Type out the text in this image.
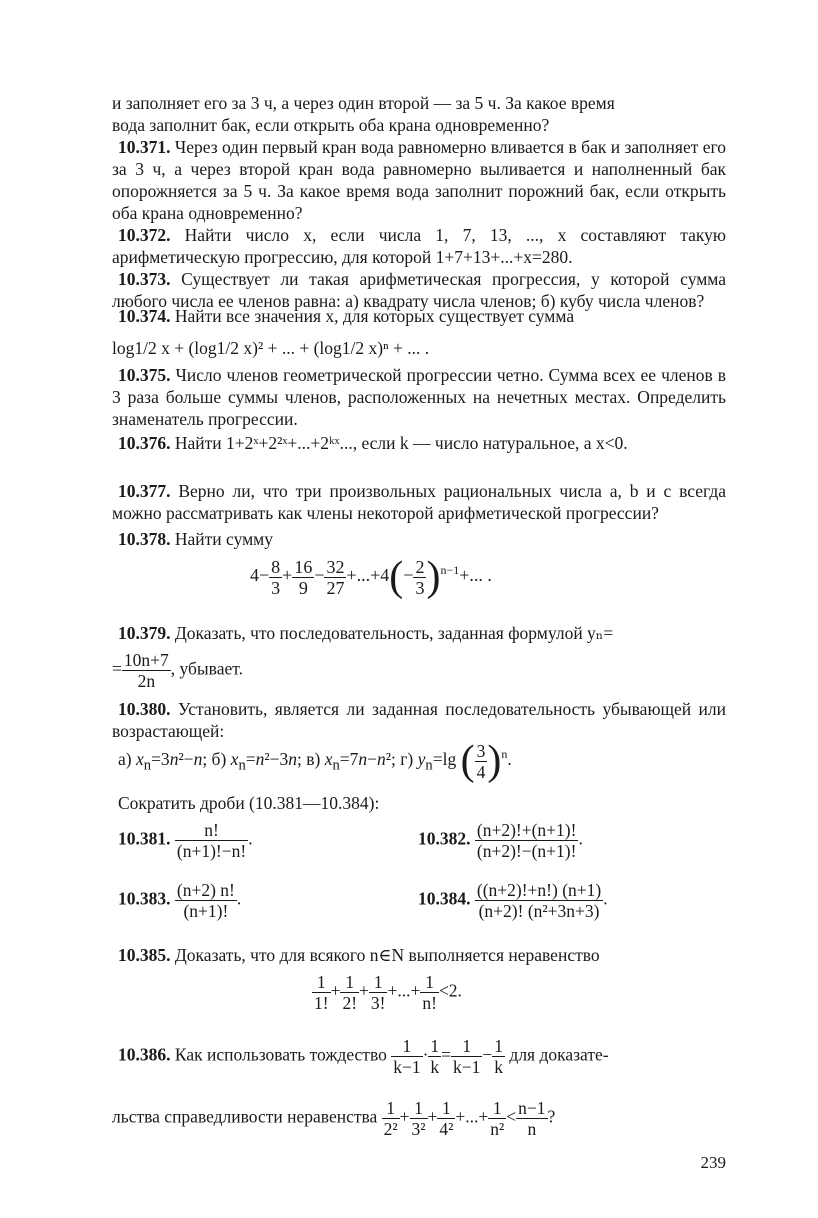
и заполняет его за 3 ч, а через один второй — за 5 ч. За какое время

вода заполнит бак, если открыть оба крана одновременно?

10.371. Через один первый кран вода равномерно вливается в бак и заполняет его за 3 ч, а через второй кран вода равномерно выливается и наполненный бак опорожняется за 5 ч. За какое время вода заполнит порожний бак, если открыть оба крана одновременно?

10.372. Найти число x, если числа 1, 7, 13, ..., x составляют такую арифметическую прогрессию, для которой 1+7+13+...+x=280.

10.373. Существует ли такая арифметическая прогрессия, у которой сумма любого числа ее членов равна: а) квадрату числа членов; б) кубу числа членов?

10.374. Найти все значения x, для которых существует сумма

log1/2 x + (log1/2 x)² + ... + (log1/2 x)ⁿ + ... .

10.375. Число членов геометрической прогрессии четно. Сумма всех ее членов в 3 раза больше суммы членов, расположенных на нечетных местах. Определить знаменатель прогрессии.

10.376. Найти 1+2ˣ+2²ˣ+...+2ᵏˣ..., если k — число натуральное, а x<0.

10.377. Верно ли, что три произвольных рациональных числа a, b и c всегда можно рассматривать как члены некоторой арифметической прогрессии?

10.378. Найти сумму

$4- \frac{8}{3} + \frac{16}{9} - \frac{32}{27} +...+4(- \frac{2}{3} )^{n-1}+$... .

10.379. Доказать, что последовательность, заданная формулой yₙ=

= $\frac{10n+7}{2n}$ , убывает.

10.380. Установить, является ли заданная последовательность убывающей или возрастающей:

а) $x_n=3n^2-n$; б) $x_n=n^2-3n$; в) $x_n=7n-n^2$; г) $y_n=\lg$ ( $\frac{3}{4} )^n$.
Сократить дроби (10.381—10.384):
10.381. $\frac{n!}{(n+1)!-n!}$ .	10.382. $\frac{(n+2)!+(n+1)!}{(n+2)!-(n+1)!}$ .
10.383. $\frac{(n+2) n!}{(n+1)!}$ .	10.384. $\frac{((n+2)!+n!) (n+1)}{\text{(n+2)! (n²+3n+3)}}$ .

10.385. Доказать, что для всякого n∈N выполняется неравенство

$\frac{1}{1!} + \frac{1}{2!} + \frac{1}{3!}$ +...+ $\frac{1}{n!} <2$.
10.386. Как использовать тождество $\frac{1}{k-1} \cdot \frac{1}{k} = \frac{1}{k-1} - \frac{1}{k}$ для доказате-
льства справедливости неравенства $\frac{1}{\text{2²}} + \frac{1}{\text{3²}} + \frac{1}{\text{4²}}$ +...+ $\frac{1}{\text{n²}} < \frac{n-1}{n}$ ?
239
